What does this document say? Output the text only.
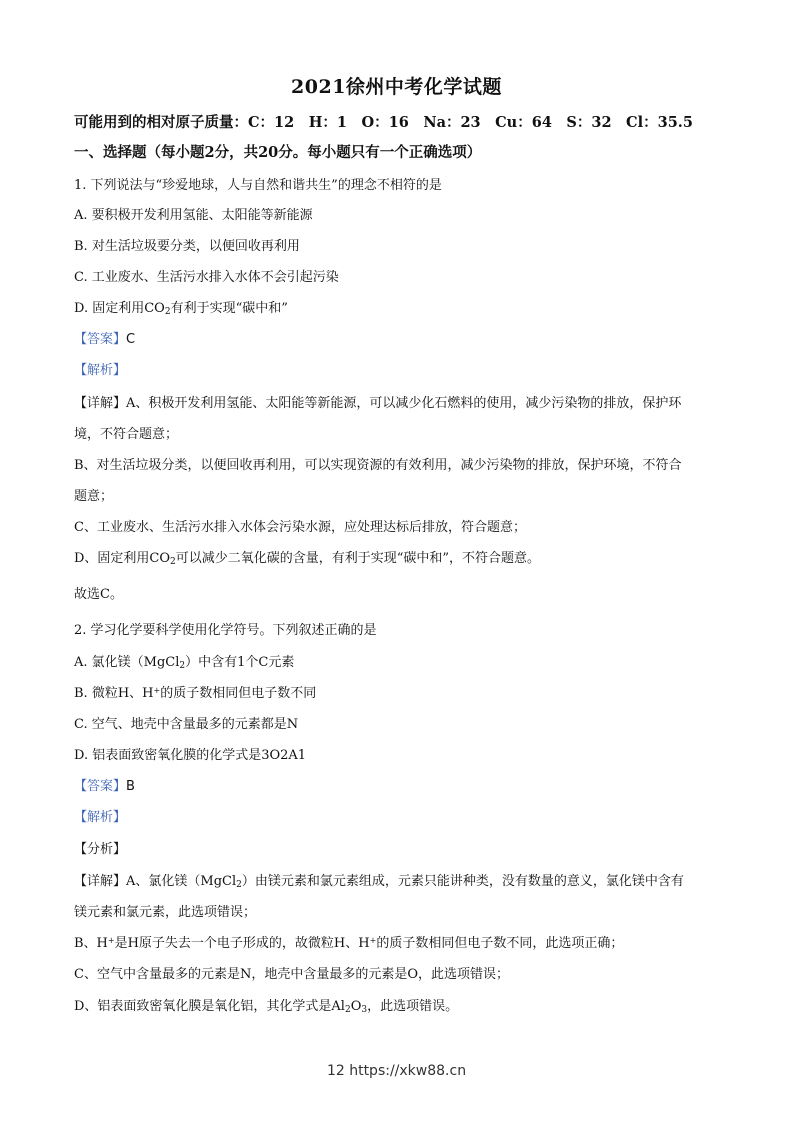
2021徐州中考化学试题
可能用到的相对原子质量：C：12　H：1　O：16　Na：23　Cu：64　S：32　Cl：35.5
一、选择题（每小题2分，共20分。每小题只有一个正确选项）
1. 下列说法与“珍爱地球，人与自然和谐共生”的理念不相符的是
A. 要积极开发利用氢能、太阳能等新能源
B. 对生活垃圾要分类，以便回收再利用
C. 工业废水、生活污水排入水体不会引起污染
D. 固定利用$CO_2$有利于实现“碳中和”
【答案】C
【解析】
【详解】A、积极开发利用氢能、太阳能等新能源，可以减少化石燃料的使用，减少污染物的排放，保护环
境，不符合题意；
B、对生活垃圾分类，以便回收再利用，可以实现资源的有效利用，减少污染物的排放，保护环境，不符合
题意；
C、工业废水、生活污水排入水体会污染水源，应处理达标后排放，符合题意；
D、固定利用$CO_2$可以减少二氧化碳的含量，有利于实现“碳中和”，不符合题意。
故选C。
2. 学习化学要科学使用化学符号。下列叙述正确的是
A. 氯化镁（MgCl$_2$）中含有1个C元素
B. 微粒H、H+的质子数相同但电子数不同
C. 空气、地壳中含量最多的元素都是N
D. 铝表面致密氧化膜的化学式是3O2A1
【答案】B
【解析】
【分析】
【详解】A、氯化镁（MgCl$_2$）由镁元素和氯元素组成，元素只能讲种类，没有数量的意义，氯化镁中含有
镁元素和氯元素，此选项错误；
B、H+是H原子失去一个电子形成的，故微粒H、H+的质子数相同但电子数不同，此选项正确；
C、空气中含量最多的元素是N，地壳中含量最多的元素是O，此选项错误；
D、铝表面致密氧化膜是氧化铝，其化学式是$Al_2O_3$，此选项错误。
12 https://xkw88.cn
